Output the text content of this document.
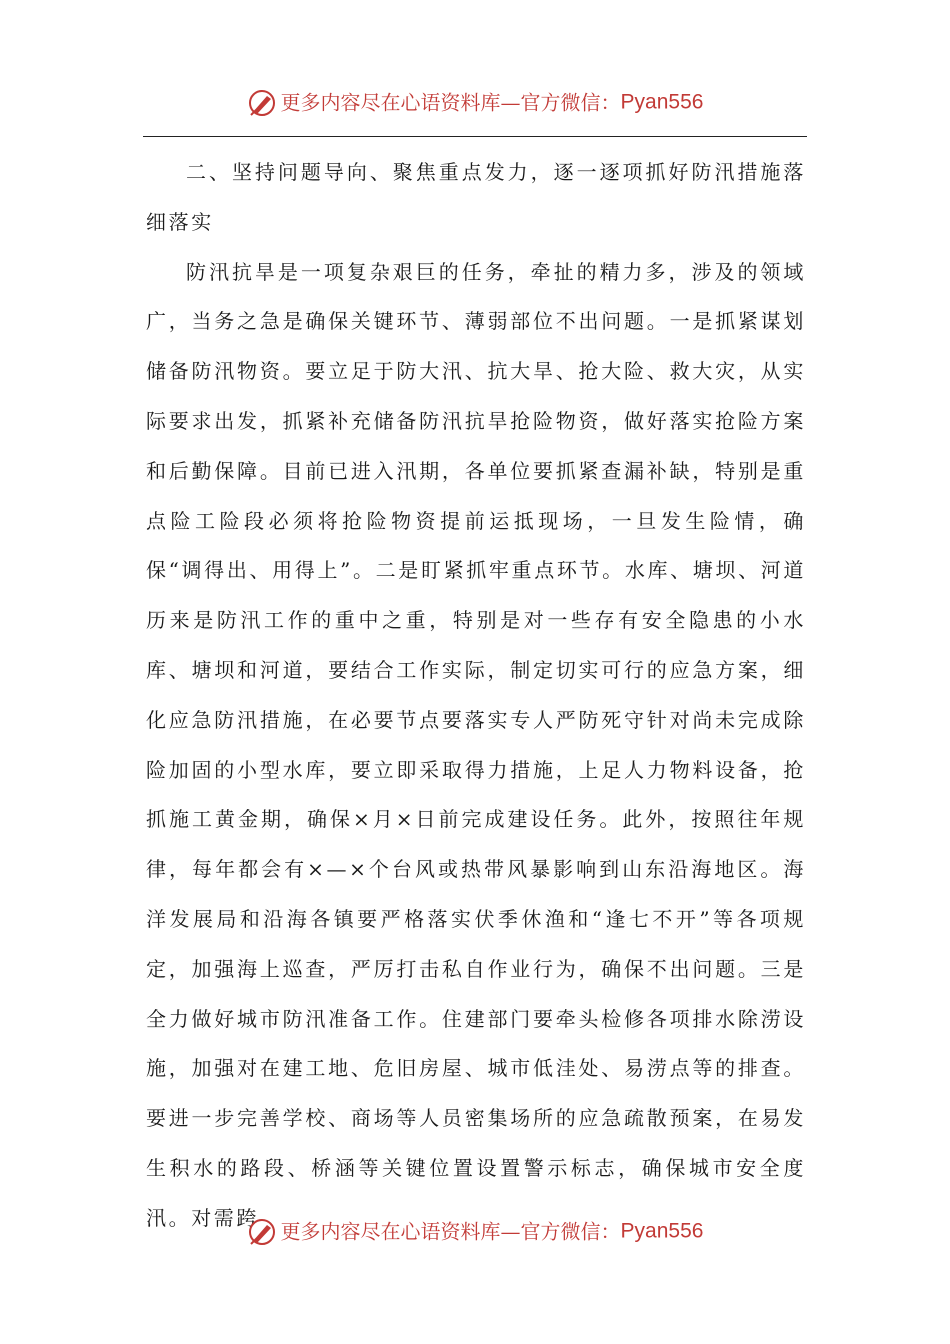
更多内容尽在心语资料库—官方微信：Pyan556

二、坚持问题导向、聚焦重点发力，逐一逐项抓好防汛措施落细落实

防汛抗旱是一项复杂艰巨的任务，牵扯的精力多，涉及的领域广，当务之急是确保关键环节、薄弱部位不出问题。一是抓紧谋划储备防汛物资。要立足于防大汛、抗大旱、抢大险、救大灾，从实际要求出发，抓紧补充储备防汛抗旱抢险物资，做好落实抢险方案和后勤保障。目前已进入汛期，各单位要抓紧查漏补缺，特别是重点险工险段必须将抢险物资提前运抵现场，一旦发生险情，确保“调得出、用得上”。二是盯紧抓牢重点环节。水库、塘坝、河道历来是防汛工作的重中之重，特别是对一些存有安全隐患的小水库、塘坝和河道，要结合工作实际，制定切实可行的应急方案，细化应急防汛措施，在必要节点要落实专人严防死守针对尚未完成除险加固的小型水库，要立即采取得力措施，上足人力物料设备，抢抓施工黄金期，确保×月×日前完成建设任务。此外，按照往年规律，每年都会有×—×个台风或热带风暴影响到山东沿海地区。海洋发展局和沿海各镇要严格落实伏季休渔和“逢七不开”等各项规定，加强海上巡查，严厉打击私自作业行为，确保不出问题。三是全力做好城市防汛准备工作。住建部门要牵头检修各项排水除涝设施，加强对在建工地、危旧房屋、城市低洼处、易涝点等的排查。要进一步完善学校、商场等人员密集场所的应急疏散预案，在易发生积水的路段、桥涵等关键位置设置警示标志，确保城市安全度汛。对需跨

更多内容尽在心语资料库—官方微信：Pyan556
